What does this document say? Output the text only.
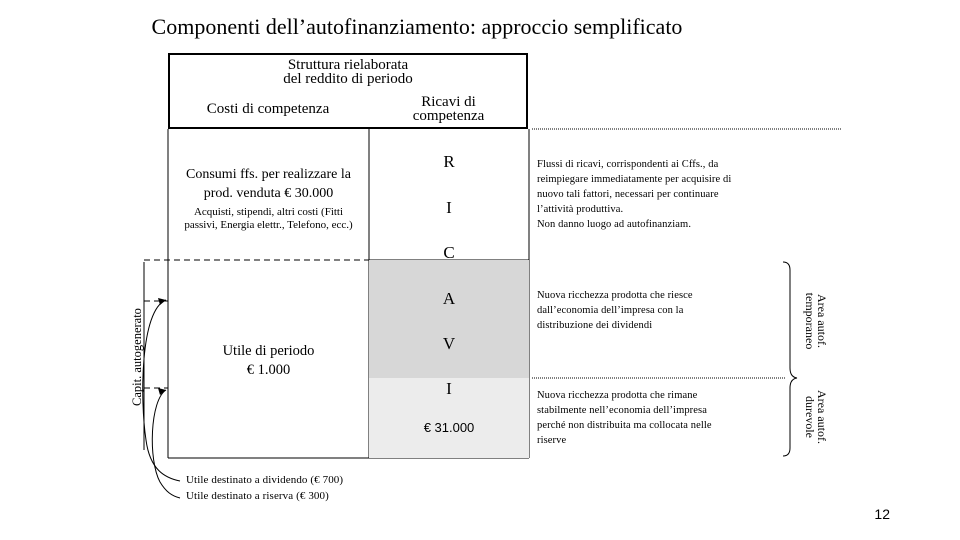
Componenti dell’autofinanziamento: approccio semplificato
Struttura rielaborata
del reddito di periodo
Costi di competenza	Ricavi di
competenza
Consumi ffs. per realizzare la
prod. venduta € 30.000
Acquisti, stipendi, altri costi (Fitti
passivi, Energia elettr., Telefono, ecc.)
Utile di periodo
€ 1.000
R
I
C
A
V
I
€ 31.000
Flussi di ricavi, corrispondenti ai Cffs., da
reimpiegare immediatamente per acquisire di
nuovo tali fattori, necessari per continuare
l’attività produttiva.
Non danno luogo ad autofinanziam.
Nuova ricchezza prodotta che riesce
dall’economia dell’impresa con la
distribuzione dei dividendi
Nuova ricchezza prodotta che rimane
stabilmente nell’economia dell’impresa
perché non distribuita ma collocata nelle
riserve
Capit. autogenerato	Area autof.
temporaneo
Area autof.
durevole
Utile destinato a dividendo (€ 700)
Utile destinato a riserva (€ 300)
12
